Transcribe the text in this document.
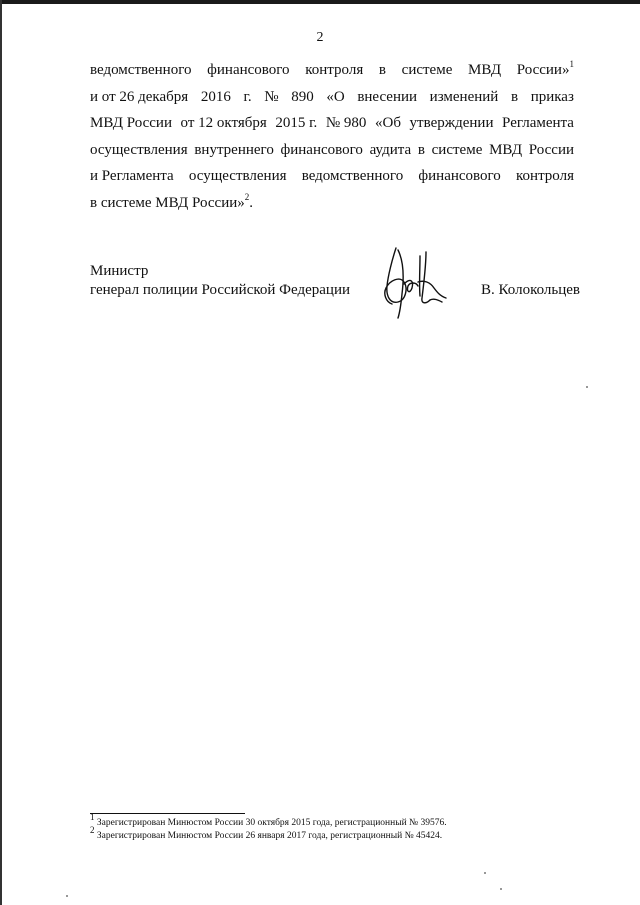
2
ведомственного финансового контроля в системе МВД России»$^1$
и от 26 декабря 2016 г. № 890 «О внесении изменений в приказ
МВД России от 12 октября 2015 г. № 980 «Об утверждении Регламента
осуществления внутреннего финансового аудита в системе МВД России
и Регламента осуществления ведомственного финансового контроля
в системе МВД России»$^2$.
Министр
генерал полиции Российской Федерации	В. Колокольцев
$^1$ Зарегистрирован Минюстом России 30 октября 2015 года, регистрационный № 39576.
$^2$ Зарегистрирован Минюстом России 26 января 2017 года, регистрационный № 45424.
